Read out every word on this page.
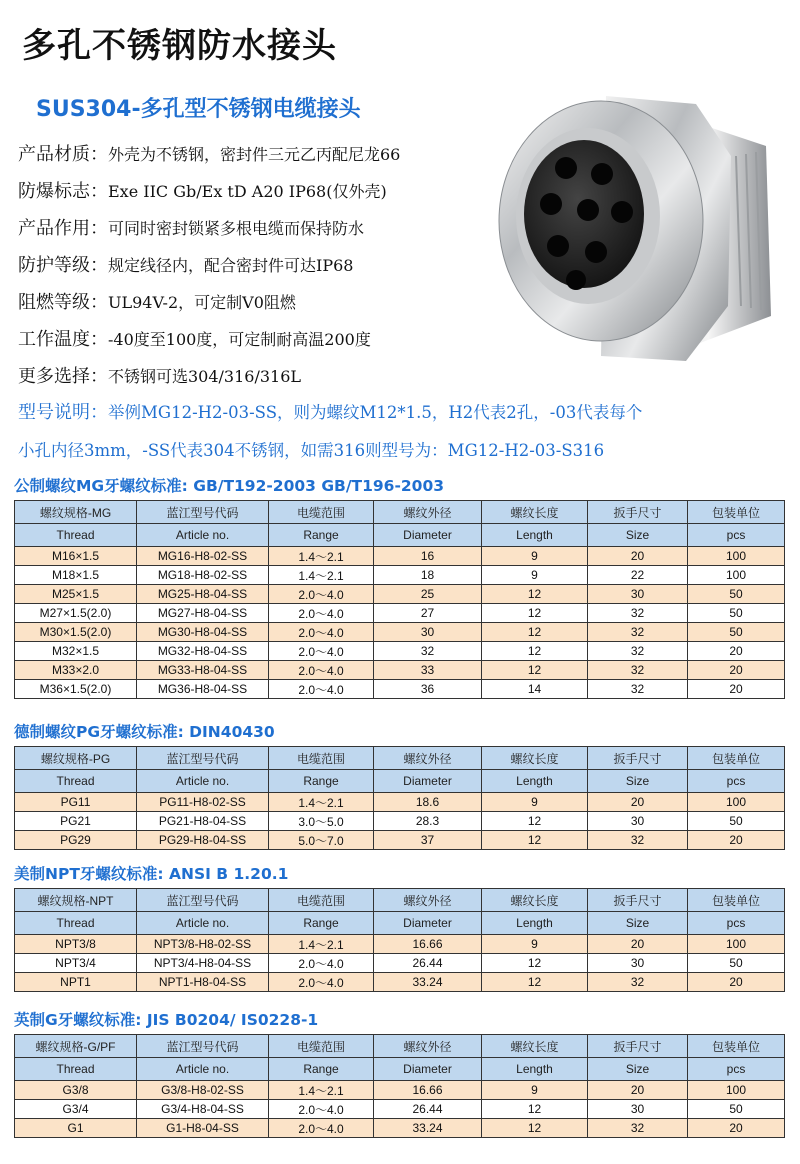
多孔不锈钢防水接头
SUS304-多孔型不锈钢电缆接头
产品材质：外壳为不锈钢，密封件三元乙丙配尼龙66
防爆标志：Exe IIC Gb/Ex tD A20 IP68(仅外壳)
产品作用：可同时密封锁紧多根电缆而保持防水
防护等级：规定线径内，配合密封件可达IP68
阻燃等级：UL94V-2，可定制V0阻燃
工作温度：-40度至100度，可定制耐高温200度
更多选择：不锈钢可选304/316/316L
型号说明：举例MG12-H2-03-SS，则为螺纹M12*1.5，H2代表2孔，-03代表每个
小孔内径3mm，-SS代表304不锈钢，如需316则型号为：MG12-H2-03-S316
公制螺纹MG牙螺纹标准: GB/T192-2003 GB/T196-2003
螺纹规格-MG	蓝江型号代码	电缆范围	螺纹外径	螺纹长度	扳手尺寸	包装单位
Thread	Article no.	Range	Diameter	Length	Size	pcs
M16×1.5	MG16-H8-02-SS	1.4～2.1	16	9	20	100
M18×1.5	MG18-H8-02-SS	1.4～2.1	18	9	22	100
M25×1.5	MG25-H8-04-SS	2.0～4.0	25	12	30	50
M27×1.5(2.0)	MG27-H8-04-SS	2.0～4.0	27	12	32	50
M30×1.5(2.0)	MG30-H8-04-SS	2.0～4.0	30	12	32	50
M32×1.5	MG32-H8-04-SS	2.0～4.0	32	12	32	20
M33×2.0	MG33-H8-04-SS	2.0～4.0	33	12	32	20
M36×1.5(2.0)	MG36-H8-04-SS	2.0～4.0	36	14	32	20
德制螺纹PG牙螺纹标准: DIN40430
螺纹规格-PG	蓝江型号代码	电缆范围	螺纹外径	螺纹长度	扳手尺寸	包装单位
Thread	Article no.	Range	Diameter	Length	Size	pcs
PG11	PG11-H8-02-SS	1.4～2.1	18.6	9	20	100
PG21	PG21-H8-04-SS	3.0～5.0	28.3	12	30	50
PG29	PG29-H8-04-SS	5.0～7.0	37	12	32	20
美制NPT牙螺纹标准: ANSI B 1.20.1
螺纹规格-NPT	蓝江型号代码	电缆范围	螺纹外径	螺纹长度	扳手尺寸	包装单位
Thread	Article no.	Range	Diameter	Length	Size	pcs
NPT3/8	NPT3/8-H8-02-SS	1.4～2.1	16.66	9	20	100
NPT3/4	NPT3/4-H8-04-SS	2.0～4.0	26.44	12	30	50
NPT1	NPT1-H8-04-SS	2.0～4.0	33.24	12	32	20
英制G牙螺纹标准: JIS B0204/ IS0228-1
螺纹规格-G/PF	蓝江型号代码	电缆范围	螺纹外径	螺纹长度	扳手尺寸	包装单位
Thread	Article no.	Range	Diameter	Length	Size	pcs
G3/8	G3/8-H8-02-SS	1.4～2.1	16.66	9	20	100
G3/4	G3/4-H8-04-SS	2.0～4.0	26.44	12	30	50
G1	G1-H8-04-SS	2.0～4.0	33.24	12	32	20
